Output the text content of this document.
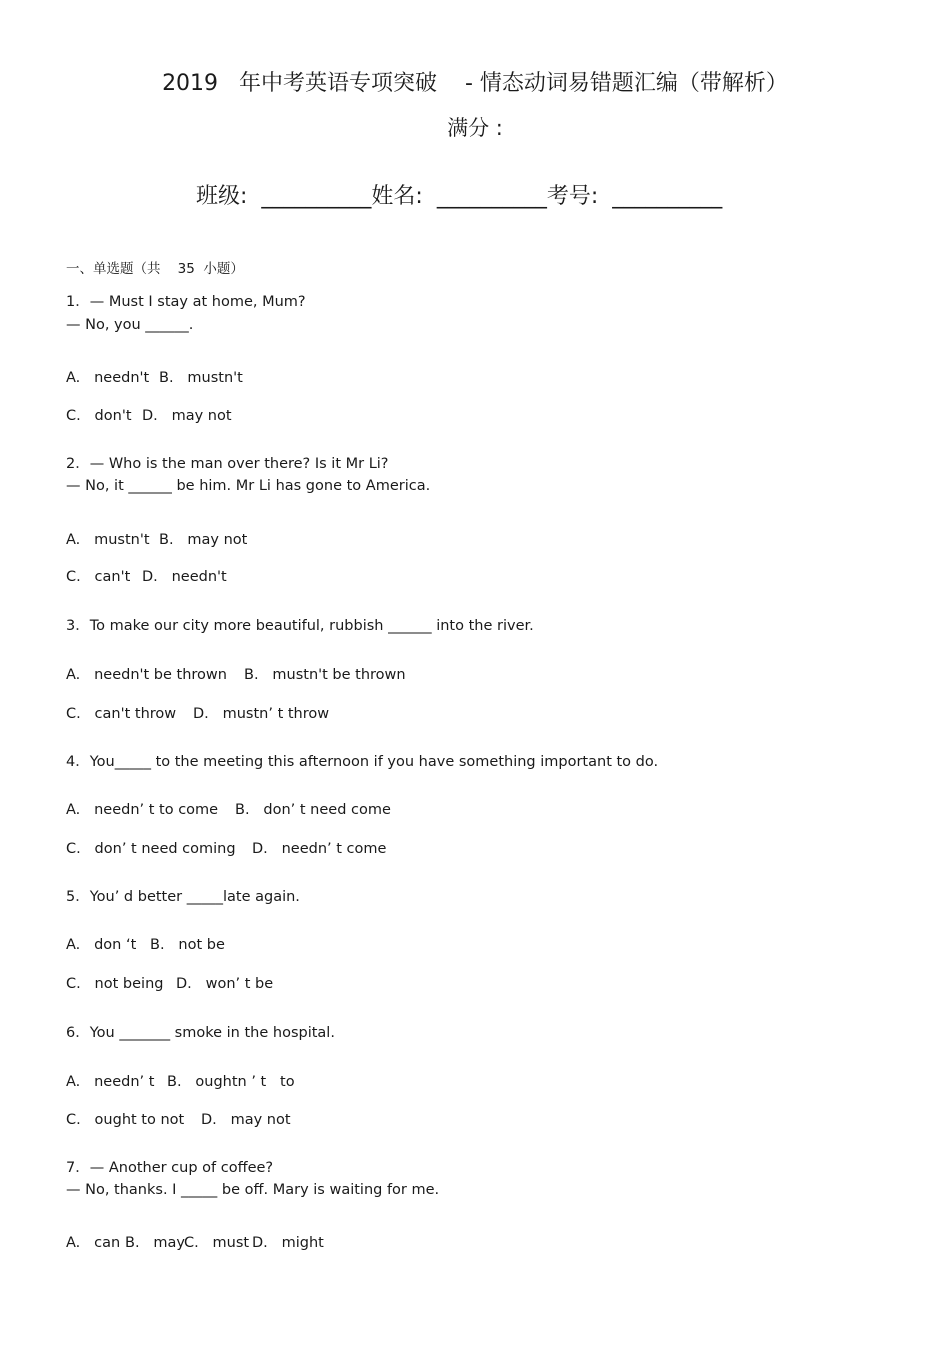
2019   年中考英语专项突破    - 情态动词易错题汇编（带解析）
满分 :

班级:  __________姓名:  __________考号:  __________

一、单选题（共    35  小题）
1．— Must I stay at home, Mum?
— No, you ______.
A.   needn't B.   mustn't
C.   don't D.   may not
2．— Who is the man over there? Is it Mr Li?
— No, it ______ be him. Mr Li has gone to America.
A.   mustn't B.   may not
C.   can't D.   needn't
3．To make our city more beautiful, rubbish ______ into the river.
A.   needn't be thrown B.   mustn't be thrown
C.   can't throw D.   mustn’ t throw
4．You_____ to the meeting this afternoon if you have something important to do.
A.   needn’ t to come B.   don’ t need come
C.   don’ t need coming D.   needn’ t come
5．You’ d better _____late again.
A.   don ‘t B.   not be
C.   not being D.   won’ t be
6．You _______ smoke in the hospital.
A.   needn’ t B.   oughtn ’ t   to
C.   ought to not D.   may not
7．— Another cup of coffee?
— No, thanks. I _____ be off. Mary is waiting for me.
A.   can B.   may C.   must D.   might
